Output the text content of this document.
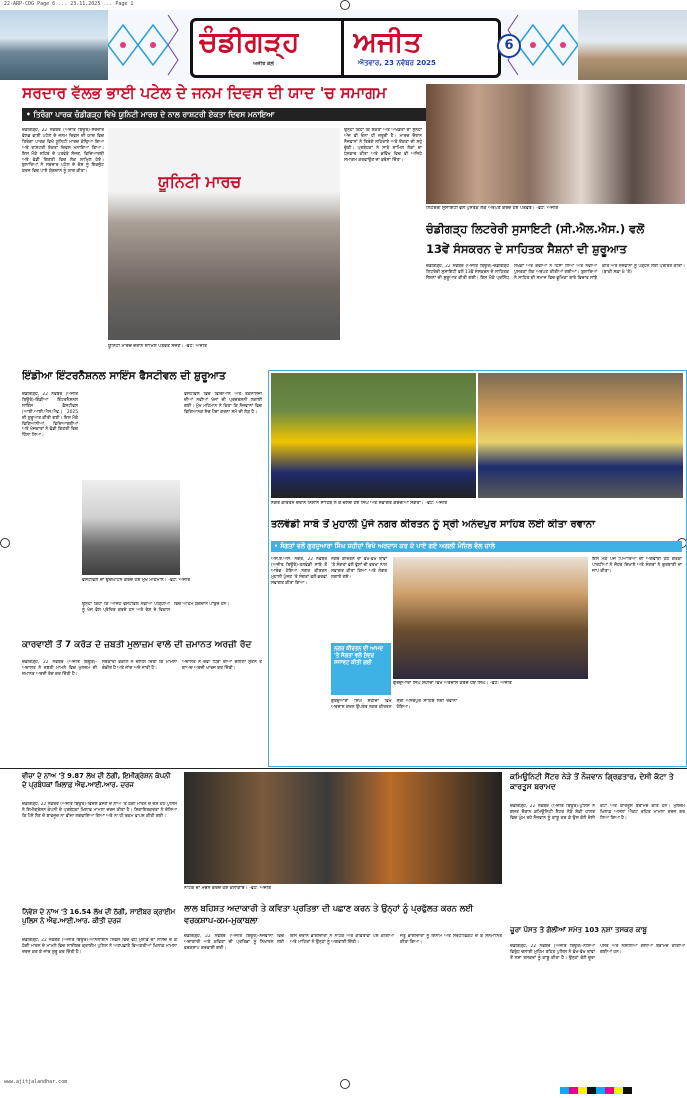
22-ARP-CDG Page 6 ... 23.11.2025 ... Page 1
ਚੰਡੀਗੜ੍ਹ ਅਜੀਤ
ਅਜੀਤ ਕੋਲੋਂ	ਐਤਵਾਰ, 23 ਨਵੰਬਰ 2025
6
ਸਰਦਾਰ ਵੱਲਭ ਭਾਈ ਪਟੇਲ ਦੇ ਜਨਮ ਦਿਵਸ ਦੀ ਯਾਦ 'ਚ ਸਮਾਗਮ
• ਤਿਰੰਗਾ ਪਾਰਕ ਚੰਡੀਗੜ੍ਹ ਵਿਖੇ ਯੂਨਿਟੀ ਮਾਰਚ ਦੇ ਨਾਲ ਰਾਸ਼ਟਰੀ ਏਕਤਾ ਦਿਵਸ ਮਨਾਇਆ
ਚੰਡੀਗੜ੍ਹ, 22 ਨਵੰਬਰ (ਅਜੀਤ ਬਿਊਰੋ)-ਸਰਦਾਰ ਵੱਲਭ ਭਾਈ ਪਟੇਲ ਦੇ ਜਨਮ ਦਿਵਸ ਦੀ ਯਾਦ ਵਿਚ ਤਿਰੰਗਾ ਪਾਰਕ ਵਿਖੇ ਯੂਨਿਟੀ ਮਾਰਚ ਕੱਢਿਆ ਗਿਆ ਅਤੇ ਰਾਸ਼ਟਰੀ ਏਕਤਾ ਦਿਵਸ ਮਨਾਇਆ ਗਿਆ। ਇਸ ਮੌਕੇ ਸ਼ਹਿਰ ਦੇ ਪਤਵੰਤੇ ਸੱਜਣ, ਵਿਦਿਆਰਥੀ ਅਤੇ ਵੱਡੀ ਗਿਣਤੀ ਵਿਚ ਲੋਕ ਸ਼ਾਮਿਲ ਹੋਏ। ਬੁਲਾਰਿਆਂ ਨੇ ਸਰਦਾਰ ਪਟੇਲ ਦੇ ਦੇਸ਼ ਨੂੰ ਇਕਜੁੱਟ ਕਰਨ ਵਿਚ ਪਾਏ ਯੋਗਦਾਨ ਨੂੰ ਯਾਦ ਕੀਤਾ।
ਯੂਨਿਟੀ ਮਾਰਚ
ਯੂਨਿਟੀ ਮਾਰਚ ਦੌਰਾਨ ਸ਼ਾਮਿਲ ਪਤਵੰਤੇ ਸੱਜਣ। -ਫੋਟੋ: ਅਜੀਤ
ਉਨ੍ਹਾਂ ਕਿਹਾ ਕਿ ਏਕਤਾ ਅਤੇ ਅਖੰਡਤਾ ਦਾ ਸੁਨੇਹਾ ਅੱਜ ਵੀ ਓਨਾ ਹੀ ਜ਼ਰੂਰੀ ਹੈ। ਮਾਰਚ ਦੌਰਾਨ ਨੌਜਵਾਨਾਂ ਨੇ ਤਿਰੰਗੇ ਲਹਿਰਾਏ ਅਤੇ ਏਕਤਾ ਦੀ ਸਹੁੰ ਚੁੱਕੀ। ਪ੍ਰਬੰਧਕਾਂ ਨੇ ਸਾਰੇ ਸ਼ਾਮਿਲ ਲੋਕਾਂ ਦਾ ਧੰਨਵਾਦ ਕੀਤਾ ਅਤੇ ਭਵਿੱਖ ਵਿਚ ਵੀ ਅਜਿਹੇ ਸਮਾਗਮ ਕਰਵਾਉਣ ਦਾ ਭਰੋਸਾ ਦਿੱਤਾ।
ਲਿਟਰੇਰੀ ਸੁਸਾਇਟੀ ਵਲੋਂ ਪੁਸਤਕ ਲੋਕ ਅਰਪਣ ਕਰਦੇ ਹੋਏ ਪਤਵੰਤੇ। -ਫੋਟੋ: ਅਜੀਤ
ਚੰਡੀਗੜ੍ਹ ਲਿਟਰੇਰੀ ਸੁਸਾਇਟੀ (ਸੀ.ਐਲ.ਐਸ.) ਵਲੋਂ
13ਵੇਂ ਸੰਸਕਰਨ ਦੇ ਸਾਹਿਤਕ ਸੈਸ਼ਨਾਂ ਦੀ ਸ਼ੁਰੂਆਤ
ਚੰਡੀਗੜ੍ਹ, 22 ਨਵੰਬਰ (ਅਜੀਤ ਬਿਊਰੋ)-ਚੰਡੀਗੜ੍ਹ ਲਿਟਰੇਰੀ ਸੁਸਾਇਟੀ ਵਲੋਂ 13ਵੇਂ ਸੰਸਕਰਨ ਦੇ ਸਾਹਿਤਕ ਸੈਸ਼ਨਾਂ ਦੀ ਸ਼ੁਰੂਆਤ ਕੀਤੀ ਗਈ। ਇਸ ਮੌਕੇ ਪ੍ਰਸਿੱਧ ਲੇਖਕਾਂ ਅਤੇ ਕਵੀਆਂ ਨੇ ਹਿੱਸਾ ਲਿਆ ਅਤੇ ਨਵੀਆਂ ਪੁਸਤਕਾਂ ਲੋਕ ਅਰਪਣ ਕੀਤੀਆਂ ਗਈਆਂ। ਬੁਲਾਰਿਆਂ ਨੇ ਸਾਹਿਤ ਦੀ ਸਮਾਜ ਵਿਚ ਭੂਮਿਕਾ ਬਾਰੇ ਵਿਚਾਰ ਸਾਂਝੇ ਕੀਤੇ ਅਤੇ ਨੌਜਵਾਨਾਂ ਨੂੰ ਪੜ੍ਹਨ ਲਈ ਪ੍ਰੇਰਿਤ ਕੀਤਾ। (ਬਾਕੀ ਸਫ਼ਾ 8 'ਤੇ)
ਇੰਡੀਆ ਇੰਟਰਨੈਸ਼ਨਲ ਸਾਇੰਸ ਫੈਸਟੀਵਲ ਦੀ ਸ਼ੁਰੂਆਤ
ਚੰਡੀਗੜ੍ਹ, 22 ਨਵੰਬਰ (ਅਜੀਤ ਬਿਊਰੋ)-ਇੰਡੀਆ ਇੰਟਰਨੈਸ਼ਨਲ ਸਾਇੰਸ ਫੈਸਟੀਵਲ (ਆਈ.ਆਈ.ਐਸ.ਐਫ.) 2025 ਦੀ ਸ਼ੁਰੂਆਤ ਕੀਤੀ ਗਈ। ਇਸ ਮੌਕੇ ਵਿਗਿਆਨੀਆਂ, ਵਿਦਿਆਰਥੀਆਂ ਅਤੇ ਖੋਜਕਾਰਾਂ ਨੇ ਵੱਡੀ ਗਿਣਤੀ ਵਿਚ ਹਿੱਸਾ ਲਿਆ।
ਫੈਸਟੀਵਲ ਵਿਚ ਵਿਗਿਆਨ ਅਤੇ ਤਕਨਾਲੋਜੀ ਦੀਆਂ ਨਵੀਆਂ ਖੋਜਾਂ ਦੀ ਪ੍ਰਦਰਸ਼ਨੀ ਲਗਾਈ ਗਈ। ਮੁੱਖ ਮਹਿਮਾਨ ਨੇ ਕਿਹਾ ਕਿ ਨੌਜਵਾਨਾਂ ਵਿਚ ਵਿਗਿਆਨਕ ਸੋਚ ਪੈਦਾ ਕਰਨਾ ਸਮੇਂ ਦੀ ਲੋੜ ਹੈ।
ਫੈਸਟੀਵਲ ਦਾ ਉਦਘਾਟਨ ਕਰਦੇ ਹੋਏ ਮੁੱਖ ਮਹਿਮਾਨ। -ਫੋਟੋ: ਅਜੀਤ
ਉਨ੍ਹਾਂ ਕਿਹਾ ਕਿ ਅਜਿਹੇ ਫੈਸਟੀਵਲ ਨਵੀਆਂ ਪੀੜ੍ਹੀਆਂ ਨੂੰ ਖੋਜ ਵੱਲ ਪ੍ਰੇਰਿਤ ਕਰਦੇ ਹਨ ਅਤੇ ਦੇਸ਼ ਦੇ ਵਿਕਾਸ ਵਿਚ ਅਹਿਮ ਯੋਗਦਾਨ ਪਾਉਂਦੇ ਹਨ।
ਨਗਰ ਕੀਰਤਨ ਦੌਰਾਨ ਨਿਸ਼ਾਨ ਸਾਹਿਬ ਲੈ ਕੇ ਚੱਲਦੇ ਹੋਏ ਸਿੰਘ ਅਤੇ ਸਵਾਗਤ ਕਰਦੀਆਂ ਸੰਗਤਾਂ। -ਫੋਟੋ: ਅਜੀਤ
ਤਲਵੰਡੀ ਸਾਬੋ ਤੋਂ ਮੁਹਾਲੀ ਪੁੱਜੇ ਨਗਰ ਕੀਰਤਨ ਨੂੰ ਸ੍ਰੀ ਅਨੰਦਪੁਰ ਸਾਹਿਬ ਲਈ ਕੀਤਾ ਰਵਾਨਾ
• ਸੰਗਤਾਂ ਵਲੋਂ ਗੁਰਦੁਆਰਾ ਸਿੰਘ ਸ਼ਹੀਦਾਂ ਵਿਖੇ ਅਰਦਾਸ ਕਰ ਕੇ ਪਾਏ ਗਏ ਅਗਲੀ ਮੰਜ਼ਿਲ ਵੱਲ ਚਾਲੇ
ਐਸ.ਏ.ਐਸ. ਨਗਰ, 22 ਨਵੰਬਰ (ਅਜੀਤ ਬਿਊਰੋ)-ਤਲਵੰਡੀ ਸਾਬੋ ਤੋਂ ਆਰੰਭ ਹੋਇਆ ਨਗਰ ਕੀਰਤਨ ਮੁਹਾਲੀ ਪੁੱਜਣ 'ਤੇ ਸੰਗਤਾਂ ਵਲੋਂ ਭਰਵਾਂ ਸਵਾਗਤ ਕੀਤਾ ਗਿਆ।
ਨਗਰ ਕੀਰਤਨ ਦਾ ਵੱਖ-ਵੱਖ ਥਾਵਾਂ 'ਤੇ ਸੰਗਤਾਂ ਵਲੋਂ ਫੁੱਲਾਂ ਦੀ ਵਰਖਾ ਨਾਲ ਸਵਾਗਤ ਕੀਤਾ ਗਿਆ ਅਤੇ ਲੰਗਰ ਲਗਾਏ ਗਏ।
ਨਗਰ ਕੀਰਤਨ ਦੀ ਆਮਦ 'ਤੇ ਸੰਗਤਾਂ ਵਲੋਂ ਸੁੰਦਰ ਸਜਾਵਟ ਕੀਤੀ ਗਈ
ਗੁਰਦੁਆਰਾ ਸਿੰਘ ਸ਼ਹੀਦਾਂ ਵਿਖੇ ਅਰਦਾਸ ਕਰਦੇ ਹੋਏ ਸਿੰਘ। -ਫੋਟੋ: ਅਜੀਤ
ਗੁਰਦੁਆਰਾ ਸਿੰਘ ਸ਼ਹੀਦਾਂ ਵਿਖੇ ਅਰਦਾਸ ਕਰਨ ਉਪਰੰਤ ਨਗਰ ਕੀਰਤਨ ਸ੍ਰੀ ਅਨੰਦਪੁਰ ਸਾਹਿਬ ਲਈ ਰਵਾਨਾ ਹੋਇਆ।
ਇਸ ਮੌਕੇ ਪੰਜ ਪਿਆਰਿਆਂ ਦੀ ਅਗਵਾਈ ਹੇਠ ਗਤਕਾ ਪਾਰਟੀਆਂ ਨੇ ਜੌਹਰ ਦਿਖਾਏ ਅਤੇ ਸੰਗਤਾਂ ਨੇ ਗੁਰਬਾਣੀ ਦਾ ਜਾਪ ਕੀਤਾ।
ਕਾਰਵਾਈ ਤੋਂ 7 ਕਰੋੜ ਦੇ ਜ਼ਬਤੀ ਮੁਲਾਜ਼ਮ ਵਾਲੇ ਦੀ ਜ਼ਮਾਨਤ ਅਰਜ਼ੀ ਰੱਦ
ਚੰਡੀਗੜ੍ਹ, 22 ਨਵੰਬਰ (ਅਜੀਤ ਬਿਊਰੋ)-ਅਦਾਲਤ ਨੇ ਜ਼ਬਤੀ ਮਾਮਲੇ ਵਿਚ ਮੁਲਜ਼ਮ ਦੀ ਜ਼ਮਾਨਤ ਅਰਜ਼ੀ ਰੱਦ ਕਰ ਦਿੱਤੀ ਹੈ।
ਸਰਕਾਰੀ ਵਕੀਲ ਨੇ ਦਲੀਲ ਦਿੱਤੀ ਕਿ ਮਾਮਲਾ ਗੰਭੀਰ ਹੈ ਅਤੇ ਜਾਂਚ ਅਜੇ ਜਾਰੀ ਹੈ।
ਅਦਾਲਤ ਨੇ ਦੋਵਾਂ ਧਿਰਾਂ ਦੀਆਂ ਦਲੀਲਾਂ ਸੁਣਨ ਤੋਂ ਬਾਅਦ ਅਰਜ਼ੀ ਖਾਰਜ ਕਰ ਦਿੱਤੀ।
ਵੀਜ਼ਾ ਦੇ ਨਾਂਅ 'ਤੇ 9.87 ਲੱਖ ਦੀ ਠੱਗੀ, ਇਮੀਗ੍ਰੇਸ਼ਨ ਕੰਪਨੀ ਦੇ ਪ੍ਰਬੰਧਕਾਂ ਖ਼ਿਲਾਫ਼ ਐਫ.ਆਈ.ਆਰ. ਦਰਜ
ਚੰਡੀਗੜ੍ਹ, 22 ਨਵੰਬਰ (ਅਜੀਤ ਬਿਊਰੋ)-ਵਿਦੇਸ਼ ਭੇਜਣ ਦੇ ਨਾਂਅ 'ਤੇ ਠੱਗੀ ਮਾਰਨ ਦੇ ਦੋਸ਼ ਹੇਠ ਪੁਲਿਸ ਨੇ ਇਮੀਗ੍ਰੇਸ਼ਨ ਕੰਪਨੀ ਦੇ ਪ੍ਰਬੰਧਕਾਂ ਖ਼ਿਲਾਫ਼ ਮਾਮਲਾ ਦਰਜ ਕੀਤਾ ਹੈ। ਸ਼ਿਕਾਇਤਕਰਤਾ ਨੇ ਦੱਸਿਆ ਕਿ ਪੈਸੇ ਲੈਣ ਦੇ ਬਾਵਜੂਦ ਨਾ ਵੀਜ਼ਾ ਲਗਵਾਇਆ ਗਿਆ ਅਤੇ ਨਾ ਹੀ ਰਕਮ ਵਾਪਸ ਕੀਤੀ ਗਈ।
ਨਿਵੇਸ਼ ਦੇ ਨਾਂਅ 'ਤੇ 16.54 ਲੱਖ ਦੀ ਠੱਗੀ, ਸਾਈਬਰ ਕ੍ਰਾਈਮ ਪੁਲਿਸ ਨੇ ਐਫ.ਆਈ.ਆਰ. ਕੀਤੀ ਦਰਜ
ਚੰਡੀਗੜ੍ਹ, 22 ਨਵੰਬਰ (ਅਜੀਤ ਬਿਊਰੋ)-ਆਨਲਾਈਨ ਨਿਵੇਸ਼ ਵਿਚ ਵੱਧ ਮੁਨਾਫ਼ੇ ਦਾ ਲਾਲਚ ਦੇ ਕੇ ਠੱਗੀ ਮਾਰਨ ਦੇ ਮਾਮਲੇ ਵਿਚ ਸਾਈਬਰ ਕ੍ਰਾਈਮ ਪੁਲਿਸ ਨੇ ਅਣਪਛਾਤੇ ਵਿਅਕਤੀਆਂ ਖ਼ਿਲਾਫ਼ ਮਾਮਲਾ ਦਰਜ ਕਰ ਕੇ ਜਾਂਚ ਸ਼ੁਰੂ ਕਰ ਦਿੱਤੀ ਹੈ।
ਨਾਟਕ ਦਾ ਮੰਚਨ ਕਰਦੇ ਹੋਏ ਕਲਾਕਾਰ। -ਫੋਟੋ: ਅਜੀਤ
ਲਾਲ ਬਹਿਸ਼ਤ ਅਦਾਕਾਰੀ ਤੇ ਕਵਿਤਾ ਪ੍ਰਤਿਭਾ ਦੀ ਪਛਾਣ ਕਰਨ ਤੇ ਉਨ੍ਹਾਂ ਨੂੰ ਪ੍ਰਫੁੱਲਤ ਕਰਨ ਲਈ ਵਰਕਸ਼ਾਪ-ਕਮ-ਮੁਕਾਬਲਾ
ਚੰਡੀਗੜ੍ਹ, 22 ਨਵੰਬਰ (ਅਜੀਤ ਬਿਊਰੋ)-ਨੌਜਵਾਨਾਂ ਵਿਚ ਅਦਾਕਾਰੀ ਅਤੇ ਕਵਿਤਾ ਦੀ ਪ੍ਰਤਿਭਾ ਨੂੰ ਨਿਖਾਰਨ ਲਈ ਵਰਕਸ਼ਾਪ ਕਰਵਾਈ ਗਈ।
ਇਸ ਦੌਰਾਨ ਭਾਗੀਦਾਰਾਂ ਨੇ ਨਾਟਕ ਅਤੇ ਕਵਿਤਾਵਾਂ ਪੇਸ਼ ਕੀਤੀਆਂ ਅਤੇ ਮਾਹਿਰਾਂ ਨੇ ਉਨ੍ਹਾਂ ਨੂੰ ਅਗਵਾਈ ਦਿੱਤੀ।
ਜੇਤੂ ਭਾਗੀਦਾਰਾਂ ਨੂੰ ਇਨਾਮ ਅਤੇ ਸਰਟੀਫਿਕੇਟ ਦੇ ਕੇ ਸਨਮਾਨਿਤ ਕੀਤਾ ਗਿਆ।
ਕਮਿਊਨਿਟੀ ਸੈਂਟਰ ਨੇੜੇ ਤੋਂ ਨੌਜਵਾਨ ਗ੍ਰਿਫ਼ਤਾਰ, ਦੇਸੀ ਕੱਟਾ ਤੇ ਕਾਰਤੂਸ ਬਰਾਮਦ
ਚੰਡੀਗੜ੍ਹ, 22 ਨਵੰਬਰ (ਅਜੀਤ ਬਿਊਰੋ)-ਪੁਲਿਸ ਨੇ ਗਸ਼ਤ ਦੌਰਾਨ ਕਮਿਊਨਿਟੀ ਸੈਂਟਰ ਨੇੜੇ ਸ਼ੱਕੀ ਹਾਲਤ ਵਿਚ ਘੁੰਮ ਰਹੇ ਨੌਜਵਾਨ ਨੂੰ ਕਾਬੂ ਕਰ ਕੇ ਉਸ ਕੋਲੋਂ ਦੇਸੀ ਕੱਟਾ ਅਤੇ ਕਾਰਤੂਸ ਬਰਾਮਦ ਕੀਤੇ ਹਨ। ਮੁਲਜ਼ਮ ਖ਼ਿਲਾਫ਼ ਅਸਲਾ ਐਕਟ ਤਹਿਤ ਮਾਮਲਾ ਦਰਜ ਕਰ ਲਿਆ ਗਿਆ ਹੈ।
ਚੂਰਾ ਪੋਸਤ ਤੇ ਗੋਲੀਆਂ ਸਮੇਤ 103 ਨਸ਼ਾ ਤਸਕਰ ਕਾਬੂ
ਚੰਡੀਗੜ੍ਹ, 22 ਨਵੰਬਰ (ਅਜੀਤ ਬਿਊਰੋ)-ਨਸ਼ਿਆਂ ਵਿਰੁੱਧ ਚਲਾਈ ਮੁਹਿੰਮ ਤਹਿਤ ਪੁਲਿਸ ਨੇ ਵੱਖ-ਵੱਖ ਥਾਵਾਂ ਤੋਂ ਨਸ਼ਾ ਤਸਕਰਾਂ ਨੂੰ ਕਾਬੂ ਕੀਤਾ ਹੈ। ਉਨ੍ਹਾਂ ਕੋਲੋਂ ਚੂਰਾ ਪੋਸਤ ਅਤੇ ਨਸ਼ੀਲੀਆਂ ਗੋਲੀਆਂ ਬਰਾਮਦ ਕੀਤੀਆਂ ਗਈਆਂ ਹਨ।
www.ajitjalandhar.com
